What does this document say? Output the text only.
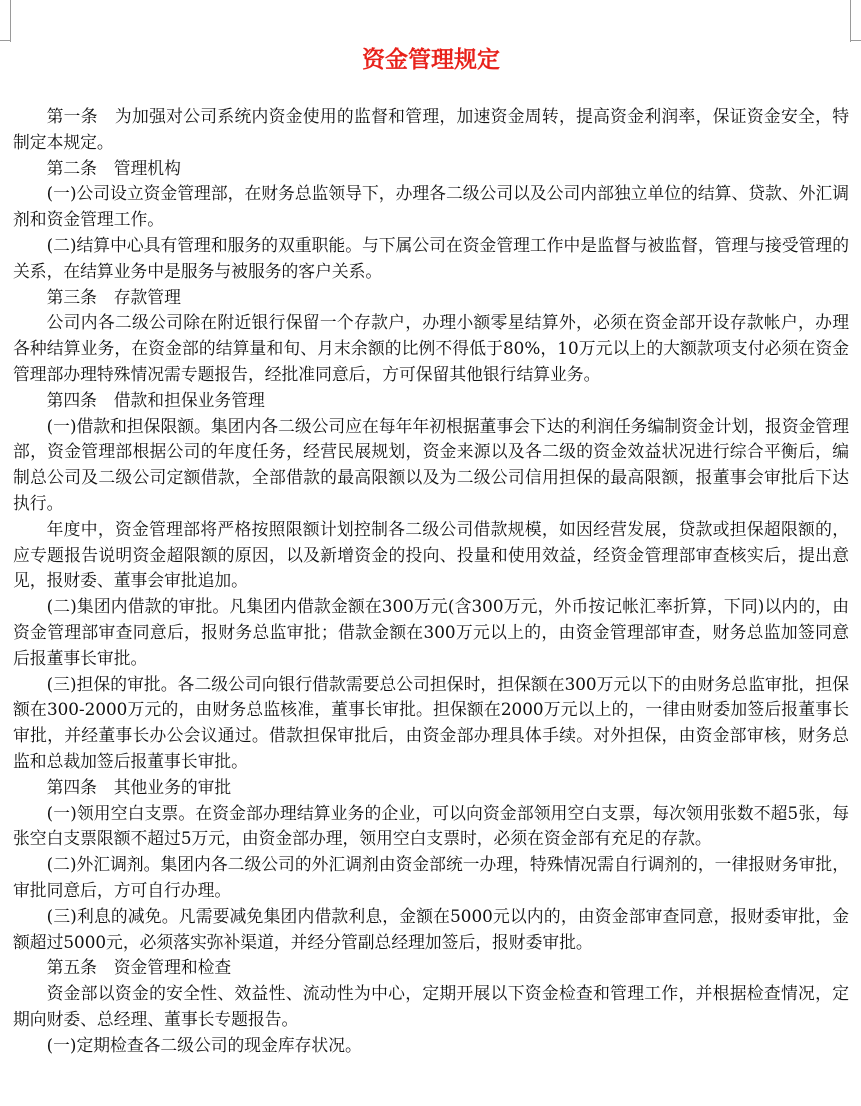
资金管理规定

第一条　为加强对公司系统内资金使用的监督和管理，加速资金周转，提高资金利润率，保证资金安全，特制定本规定。

第二条　管理机构

(一)公司设立资金管理部，在财务总监领导下，办理各二级公司以及公司内部独立单位的结算、贷款、外汇调剂和资金管理工作。

(二)结算中心具有管理和服务的双重职能。与下属公司在资金管理工作中是监督与被监督，管理与接受管理的关系，在结算业务中是服务与被服务的客户关系。

第三条　存款管理

公司内各二级公司除在附近银行保留一个存款户，办理小额零星结算外，必须在资金部开设存款帐户，办理各种结算业务，在资金部的结算量和旬、月末余额的比例不得低于80%，10万元以上的大额款项支付必须在资金管理部办理特殊情况需专题报告，经批准同意后，方可保留其他银行结算业务。

第四条　借款和担保业务管理

(一)借款和担保限额。集团内各二级公司应在每年年初根据董事会下达的利润任务编制资金计划，报资金管理部，资金管理部根据公司的年度任务，经营民展规划，资金来源以及各二级的资金效益状况进行综合平衡后，编制总公司及二级公司定额借款，全部借款的最高限额以及为二级公司信用担保的最高限额，报董事会审批后下达执行。

年度中，资金管理部将严格按照限额计划控制各二级公司借款规模，如因经营发展，贷款或担保超限额的，应专题报告说明资金超限额的原因，以及新增资金的投向、投量和使用效益，经资金管理部审查核实后，提出意见，报财委、董事会审批追加。

(二)集团内借款的审批。凡集团内借款金额在300万元(含300万元，外币按记帐汇率折算，下同)以内的，由资金管理部审查同意后，报财务总监审批；借款金额在300万元以上的，由资金管理部审查，财务总监加签同意后报董事长审批。

(三)担保的审批。各二级公司向银行借款需要总公司担保时，担保额在300万元以下的由财务总监审批，担保额在300-2000万元的，由财务总监核准，董事长审批。担保额在2000万元以上的，一律由财委加签后报董事长审批，并经董事长办公会议通过。借款担保审批后，由资金部办理具体手续。对外担保，由资金部审核，财务总监和总裁加签后报董事长审批。

第四条　其他业务的审批

(一)领用空白支票。在资金部办理结算业务的企业，可以向资金部领用空白支票，每次领用张数不超5张，每张空白支票限额不超过5万元，由资金部办理，领用空白支票时，必须在资金部有充足的存款。

(二)外汇调剂。集团内各二级公司的外汇调剂由资金部统一办理，特殊情况需自行调剂的，一律报财务审批，审批同意后，方可自行办理。

(三)利息的减免。凡需要减免集团内借款利息，金额在5000元以内的，由资金部审查同意，报财委审批，金额超过5000元，必须落实弥补渠道，并经分管副总经理加签后，报财委审批。

第五条　资金管理和检查

资金部以资金的安全性、效益性、流动性为中心，定期开展以下资金检查和管理工作，并根据检查情况，定期向财委、总经理、董事长专题报告。

(一)定期检查各二级公司的现金库存状况。
